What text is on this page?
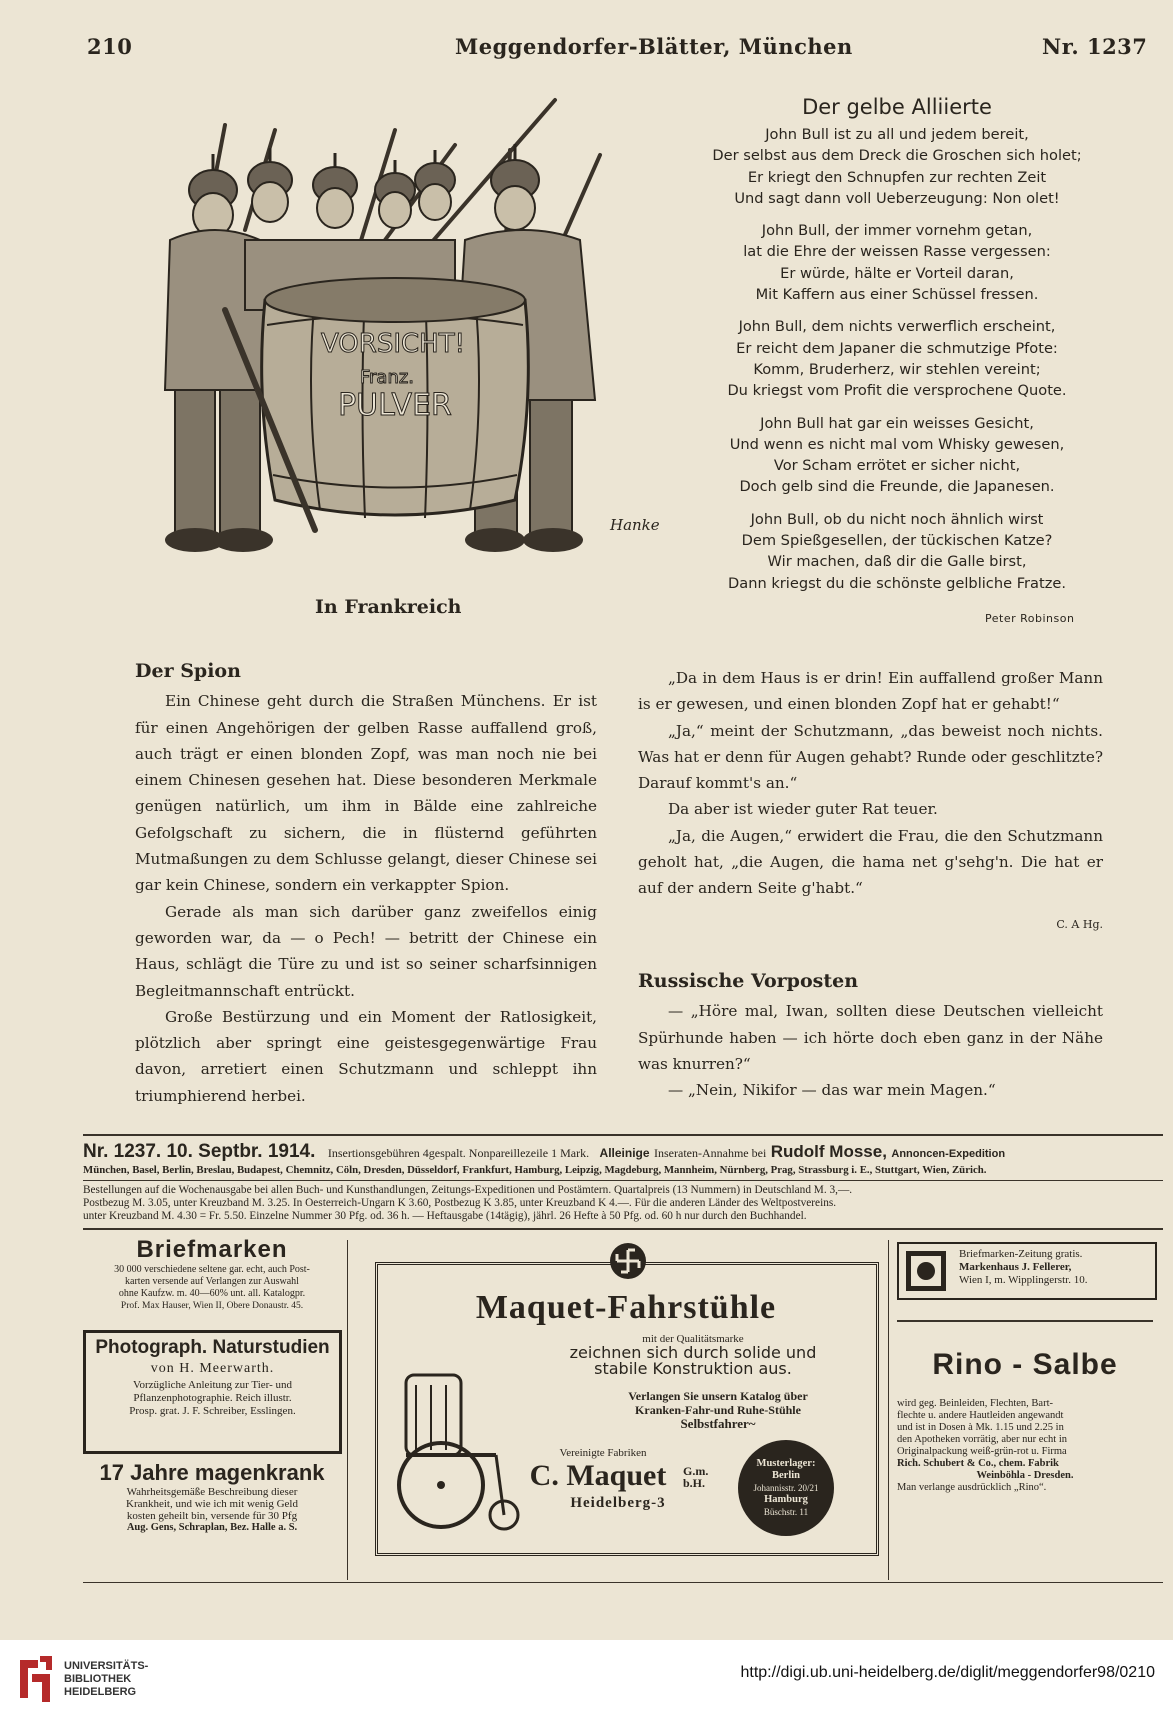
210	Meggendorfer-Blätter, München	Nr. 1237
VORSICHT!
Franz.
PULVER
Hanke
In Frankreich
Der gelbe Alliierte
John Bull ist zu all und jedem bereit,
Der selbst aus dem Dreck die Groschen sich holet;
Er kriegt den Schnupfen zur rechten Zeit
Und sagt dann voll Ueberzeugung: Non olet!
John Bull, der immer vornehm getan,
lat die Ehre der weissen Rasse vergessen:
Er würde, hälte er Vorteil daran,
Mit Kaffern aus einer Schüssel fressen.
John Bull, dem nichts verwerflich erscheint,
Er reicht dem Japaner die schmutzige Pfote:
Komm, Bruderherz, wir stehlen vereint;
Du kriegst vom Profit die versprochene Quote.
John Bull hat gar ein weisses Gesicht,
Und wenn es nicht mal vom Whisky gewesen,
Vor Scham errötet er sicher nicht,
Doch gelb sind die Freunde, die Japanesen.
John Bull, ob du nicht noch ähnlich wirst
Dem Spießgesellen, der tückischen Katze?
Wir machen, daß dir die Galle birst,
Dann kriegst du die schönste gelbliche Fratze.
Peter Robinson
Der Spion

Ein Chinese geht durch die Straßen Münchens. Er ist für einen Angehörigen der gelben Rasse auffallend groß, auch trägt er einen blonden Zopf, was man noch nie bei einem Chinesen gesehen hat. Diese besonderen Merkmale genügen natürlich, um ihm in Bälde eine zahlreiche Gefolgschaft zu sichern, die in flüsternd geführten Mutmaßungen zu dem Schlusse gelangt, dieser Chinese sei gar kein Chinese, sondern ein verkappter Spion.

Gerade als man sich darüber ganz zweifellos einig geworden war, da — o Pech! — betritt der Chinese ein Haus, schlägt die Türe zu und ist so seiner scharfsinnigen Begleitmannschaft entrückt.

Große Bestürzung und ein Moment der Ratlosigkeit, plötzlich aber springt eine geistesgegenwärtige Frau davon, arretiert einen Schutzmann und schleppt ihn triumphierend herbei.

„Da in dem Haus is er drin! Ein auffallend großer Mann is er gewesen, und einen blonden Zopf hat er gehabt!“

„Ja,“ meint der Schutzmann, „das beweist noch nichts. Was hat er denn für Augen gehabt? Runde oder geschlitzte? Darauf kommt's an.“

Da aber ist wieder guter Rat teuer.

„Ja, die Augen,“ erwidert die Frau, die den Schutzmann geholt hat, „die Augen, die hama net g'sehg'n. Die hat er auf der andern Seite g'habt.“

C. A Hg.

Russische Vorposten

— „Höre mal, Iwan, sollten diese Deutschen vielleicht Spürhunde haben — ich hörte doch eben ganz in der Nähe was knurren?“

— „Nein, Nikifor — das war mein Magen.“

Nr. 1237. 10. Septbr. 1914. Insertionsgebühren 4gespalt. Nonpareillezeile 1 Mark. Alleinige Inseraten-Annahme bei Rudolf Mosse, Annoncen-Expedition
München, Basel, Berlin, Breslau, Budapest, Chemnitz, Cöln, Dresden, Düsseldorf, Frankfurt, Hamburg, Leipzig, Magdeburg, Mannheim, Nürnberg, Prag, Strassburg i. E., Stuttgart, Wien, Zürich.
Bestellungen auf die Wochenausgabe bei allen Buch- und Kunsthandlungen, Zeitungs-Expeditionen und Postämtern. Quartalpreis (13 Nummern) in Deutschland M. 3,—.
Postbezug M. 3.05, unter Kreuzband M. 3.25. In Oesterreich-Ungarn K 3.60, Postbezug K 3.85, unter Kreuzband K 4.—. Für die anderen Länder des Weltpostvereins.
unter Kreuzband M. 4.30 = Fr. 5.50. Einzelne Nummer 30 Pfg. od. 36 h. — Heftausgabe (14tägig), jährl. 26 Hefte à 50 Pfg. od. 60 h nur durch den Buchhandel.
Briefmarken
30 000 verschiedene seltene gar. echt, auch Post-
karten versende auf Verlangen zur Auswahl
ohne Kaufzw. m. 40—60% unt. all. Katalogpr.
Prof. Max Hauser, Wien II, Obere Donaustr. 45.
Photograph. Naturstudien
von H. Meerwarth.
Vorzügliche Anleitung zur Tier- und
Pflanzenphotographie. Reich illustr.
Prosp. grat. J. F. Schreiber, Esslingen.
17 Jahre magenkrank
Wahrheitsgemäße Beschreibung dieser
Krankheit, und wie ich mit wenig Geld
kosten geheilt bin, versende für 30 Pfg
Aug. Gens, Schraplan, Bez. Halle a. S.
Maquet-Fahrstühle
mit der Qualitätsmarke
zeichnen sich durch solide und
stabile Konstruktion aus.
Verlangen Sie unsern Katalog über
Kranken-Fahr-und Ruhe-Stühle
Selbstfahrer~
Vereinigte Fabriken
C. Maquet	G.m. b.H.
Heidelberg-3
Musterlager:
Berlin
Johannisstr. 20/21
Hamburg
Büschstr. 11
Briefmarken-Zeitung gratis.
Markenhaus J. Fellerer,
Wien I, m. Wipplingerstr. 10.
Rino - Salbe
wird geg. Beinleiden, Flechten, Bart-
flechte u. andere Hautleiden angewandt
und ist in Dosen à Mk. 1.15 und 2.25 in
den Apotheken vorrätig, aber nur echt in
Originalpackung weiß-grün-rot u. Firma
Rich. Schubert & Co., chem. Fabrik
Weinböhla - Dresden.
Man verlange ausdrücklich „Rino“.
UNIVERSITÄTS-
BIBLIOTHEK
HEIDELBERG
http://digi.ub.uni-heidelberg.de/diglit/meggendorfer98/0210
